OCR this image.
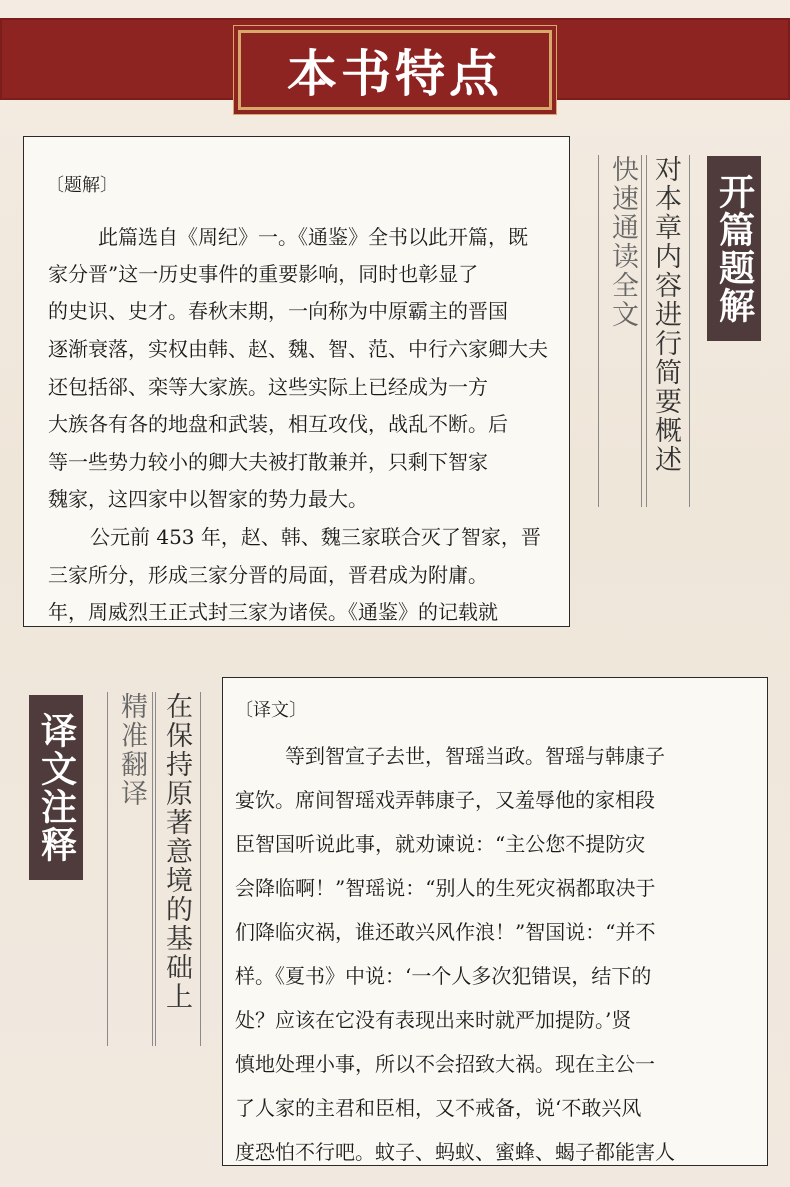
本书特点
〔题解〕
此篇选自《周纪》一。《通鉴》全书以此开篇，既
家分晋”这一历史事件的重要影响，同时也彰显了
的史识、史才。春秋末期，一向称为中原霸主的晋国
逐渐衰落，实权由韩、赵、魏、智、范、中行六家卿大夫
还包括郤、栾等大家族。这些实际上已经成为一方
大族各有各的地盘和武装，相互攻伐，战乱不断。后
等一些势力较小的卿大夫被打散兼并，只剩下智家
魏家，这四家中以智家的势力最大。
公元前 453 年，赵、韩、魏三家联合灭了智家，晋
三家所分，形成三家分晋的局面，晋君成为附庸。
年，周威烈王正式封三家为诸侯。《通鉴》的记载就
快速通读全文 对本章内容进行简要概述 开篇题解
译文注释	精准翻译 在保持原著意境的基础上	〔译文〕
等到智宣子去世，智瑶当政。智瑶与韩康子
宴饮。席间智瑶戏弄韩康子，又羞辱他的家相段
臣智国听说此事，就劝谏说：“主公您不提防灾
会降临啊！”智瑶说：“别人的生死灾祸都取决于
们降临灾祸，谁还敢兴风作浪！”智国说：“并不
样。《夏书》中说：‘一个人多次犯错误，结下的
处？应该在它没有表现出来时就严加提防。’贤
慎地处理小事，所以不会招致大祸。现在主公一
了人家的主君和臣相，又不戒备，说‘不敢兴风
度恐怕不行吧。蚊子、蚂蚁、蜜蜂、蝎子都能害人
